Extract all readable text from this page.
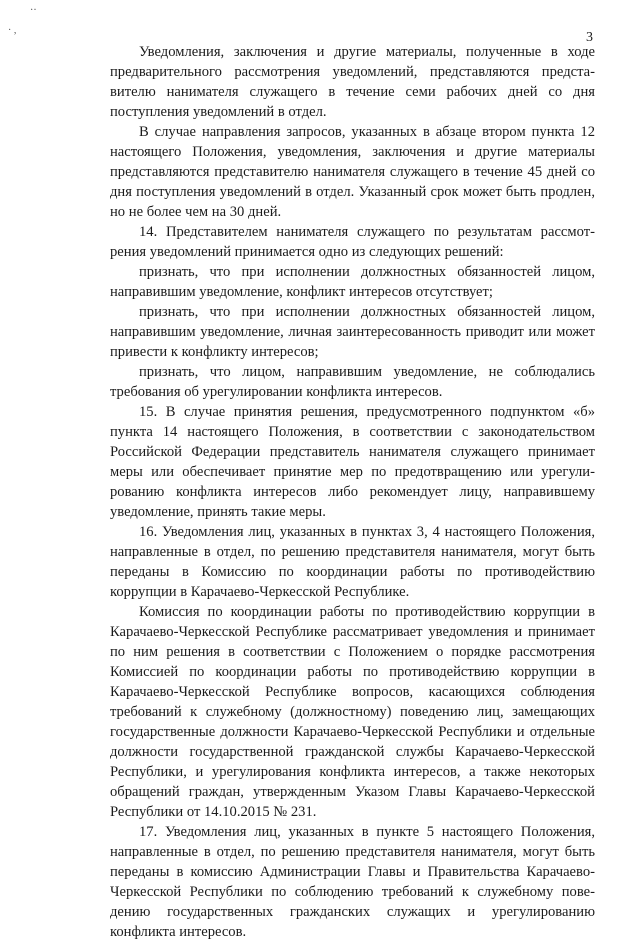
3
‥
· ,

Уведомления, заключения и другие материалы, полученные в ходе предварительного рассмотрения уведомлений, представляются представителю нанимателя служащего в течение семи рабочих дней со дня поступления уведомлений в отдел.

В случае направления запросов, указанных в абзаце втором пункта 12 настоящего Положения, уведомления, заключения и другие материалы представляются представителю нанимателя служащего в течение 45 дней со дня поступления уведомлений в отдел. Указанный срок может быть продлен, но не более чем на 30 дней.

14. Представителем нанимателя служащего по результатам рассмотрения уведомлений принимается одно из следующих решений:

признать, что при исполнении должностных обязанностей лицом, направившим уведомление, конфликт интересов отсутствует;

признать, что при исполнении должностных обязанностей лицом, направившим уведомление, личная заинтересованность приводит или может привести к конфликту интересов;

признать, что лицом, направившим уведомление, не соблюдались требования об урегулировании конфликта интересов.

15. В случае принятия решения, предусмотренного подпунктом «б» пункта 14 настоящего Положения, в соответствии с законодательством Российской Федерации представитель нанимателя служащего принимает меры или обеспечивает принятие мер по предотвращению или урегулированию конфликта интересов либо рекомендует лицу, направившему уведомление, принять такие меры.

16. Уведомления лиц, указанных в пунктах 3, 4 настоящего Положения, направленные в отдел, по решению представителя нанимателя, могут быть переданы в Комиссию по координации работы по противодействию коррупции в Карачаево-Черкесской Республике.

Комиссия по координации работы по противодействию коррупции в Карачаево-Черкесской Республике рассматривает уведомления и принимает по ним решения в соответствии с Положением о порядке рассмотрения Комиссией по координации работы по противодействию коррупции в Карачаево-Черкесской Республике вопросов, касающихся соблюдения требований к служебному (должностному) поведению лиц, замещающих государственные должности Карачаево-Черкесской Республики и отдельные должности государственной гражданской службы Карачаево-Черкесской Республики, и урегулирования конфликта интересов, а также некоторых обращений граждан, утвержденным Указом Главы Карачаево-Черкесской Республики от 14.10.2015 № 231.

17. Уведомления лиц, указанных в пункте 5 настоящего Положения, направленные в отдел, по решению представителя нанимателя, могут быть переданы в комиссию Администрации Главы и Правительства Карачаево-Черкесской Республики по соблюдению требований к служебному поведению государственных гражданских служащих и урегулированию конфликта интересов.
